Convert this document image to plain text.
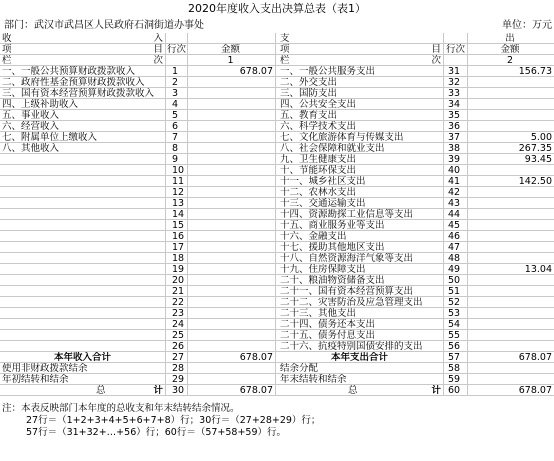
2020年度收入支出决算总表（表1）
部门：武汉市武昌区人民政府石洞街道办事处	单位：万元
收	入	支	出
项	目 行次	金额	项	目 行次	金额
栏	次	1	栏	次	2
一、一般公共预算财政拨款收入	1	678.07 一、一般公共服务支出	31	156.73
二、政府性基金预算财政拨款收入	2	二、外交支出	32
三、国有资本经营预算财政拨款收入	3	三、国防支出	33
四、上级补助收入	4	四、公共安全支出	34
五、事业收入	5	五、教育支出	35
六、经营收入	6	六、科学技术支出	36
七、附属单位上缴收入	7	七、文化旅游体育与传媒支出	37	5.00
八、其他收入	8	八、社会保障和就业支出	38	267.35
9	九、卫生健康支出	39	93.45
10	十、节能环保支出	40
11	十一、城乡社区支出	41	142.50
12	十二、农林水支出	42
13	十三、交通运输支出	43
14	十四、资源勘探工业信息等支出	44
15	十五、商业服务业等支出	45
16	十六、金融支出	46
17	十七、援助其他地区支出	47
18	十八、自然资源海洋气象等支出	48
19	十九、住房保障支出	49	13.04
20	二十、粮油物资储备支出	50
21	二十一、国有资本经营预算支出	51
22	二十二、灾害防治及应急管理支出	52
23	二十三、其他支出	53
24	二十四、债务还本支出	54
25	二十五、债务付息支出	55
26	二十六、抗疫特别国债安排的支出	56
本年收入合计	27	678.07	本年支出合计	57	678.07
使用非财政拨款结余	28	结余分配	58
年初结转和结余	29	年末结转和结余	59
总	计 30	678.07	总	计 60	678.07
注：本表反映部门本年度的总收支和年末结转结余情况。
27行＝（1+2+3+4+5+6+7+8）行；30行＝（27+28+29）行；
57行＝（31+32+…+56）行；60行＝（57+58+59）行。
